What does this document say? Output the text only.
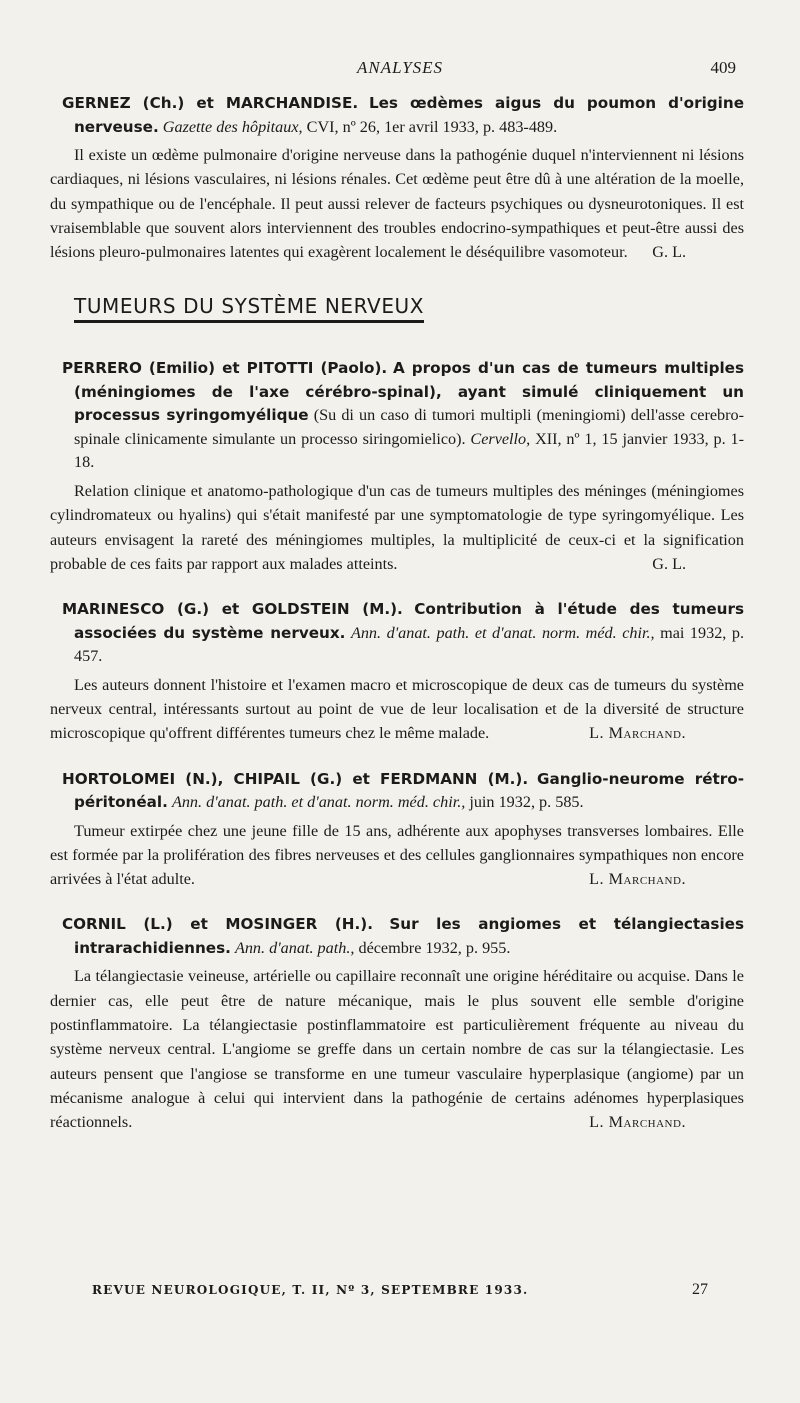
ANALYSES	409
GERNEZ (Ch.) et MARCHANDISE. Les œdèmes aigus du poumon d'origine nerveuse. Gazette des hôpitaux, CVI, nº 26, 1er avril 1933, p. 483-489.
Il existe un œdème pulmonaire d'origine nerveuse dans la pathogénie duquel n'interviennent ni lésions cardiaques, ni lésions vasculaires, ni lésions rénales. Cet œdème peut être dû à une altération de la moelle, du sympathique ou de l'encéphale. Il peut aussi relever de facteurs psychiques ou dysneurotoniques. Il est vraisemblable que souvent alors interviennent des troubles endocrino-sympathiques et peut-être aussi des lésions pleuro-pulmonaires latentes qui exagèrent localement le déséquilibre vasomoteur.	G. L.
TUMEURS DU SYSTÈME NERVEUX
PERRERO (Emilio) et PITOTTI (Paolo). A propos d'un cas de tumeurs multiples (méningiomes de l'axe cérébro-spinal), ayant simulé cliniquement un processus syringomyélique (Su di un caso di tumori multipli (meningiomi) dell'asse cerebro-spinale clinicamente simulante un processo siringomielico). Cervello, XII, nº 1, 15 janvier 1933, p. 1-18.
Relation clinique et anatomo-pathologique d'un cas de tumeurs multiples des méninges (méningiomes cylindromateux ou hyalins) qui s'était manifesté par une symptomatologie de type syringomyélique. Les auteurs envisagent la rareté des méningiomes multiples, la multiplicité de ceux-ci et la signification probable de ces faits par rapport aux malades atteints.	G. L.
MARINESCO (G.) et GOLDSTEIN (M.). Contribution à l'étude des tumeurs associées du système nerveux. Ann. d'anat. path. et d'anat. norm. méd. chir., mai 1932, p. 457.
Les auteurs donnent l'histoire et l'examen macro et microscopique de deux cas de tumeurs du système nerveux central, intéressants surtout au point de vue de leur localisation et de la diversité de structure microscopique qu'offrent différentes tumeurs chez le même malade.	L. Marchand.
HORTOLOMEI (N.), CHIPAIL (G.) et FERDMANN (M.). Ganglio-neurome rétro-péritonéal. Ann. d'anat. path. et d'anat. norm. méd. chir., juin 1932, p. 585.
Tumeur extirpée chez une jeune fille de 15 ans, adhérente aux apophyses transverses lombaires. Elle est formée par la prolifération des fibres nerveuses et des cellules ganglionnaires sympathiques non encore arrivées à l'état adulte.	L. Marchand.
CORNIL (L.) et MOSINGER (H.). Sur les angiomes et télangiectasies intrarachidiennes. Ann. d'anat. path., décembre 1932, p. 955.
La télangiectasie veineuse, artérielle ou capillaire reconnaît une origine héréditaire ou acquise. Dans le dernier cas, elle peut être de nature mécanique, mais le plus souvent elle semble d'origine postinflammatoire. La télangiectasie postinflammatoire est particulièrement fréquente au niveau du système nerveux central. L'angiome se greffe dans un certain nombre de cas sur la télangiectasie. Les auteurs pensent que l'angiose se transforme en une tumeur vasculaire hyperplasique (angiome) par un mécanisme analogue à celui qui intervient dans la pathogénie de certains adénomes hyperplasiques réactionnels.	L. Marchand.
REVUE NEUROLOGIQUE, T. II, Nº 3, SEPTEMBRE 1933.	27
